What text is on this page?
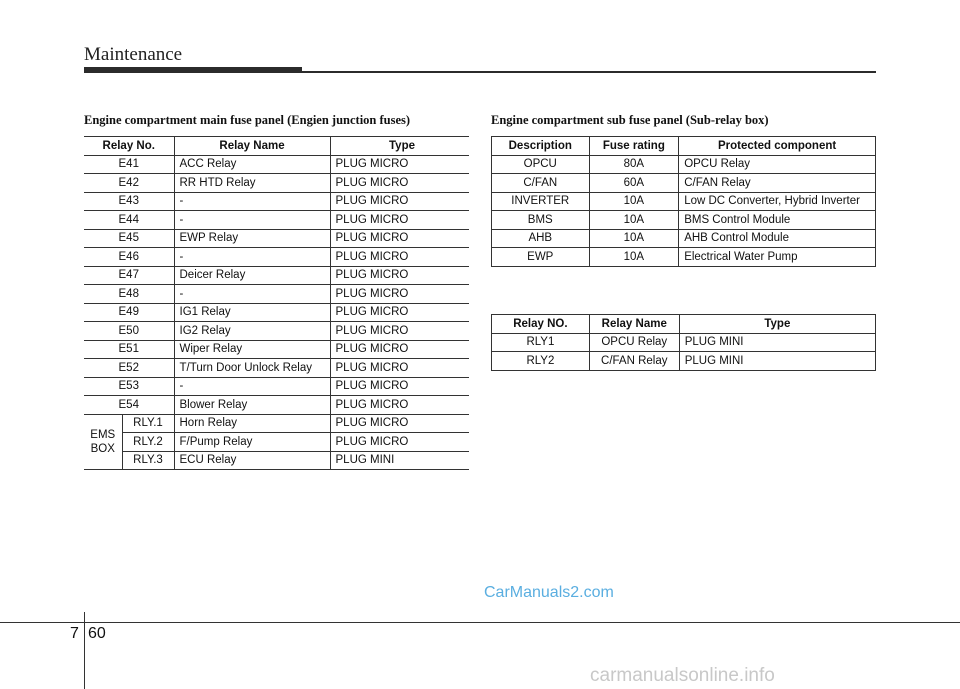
Maintenance
Engine compartment main fuse panel (Engien junction fuses)	Engine compartment sub fuse panel (Sub-relay box)
Relay No.		Relay Name	Type
E41		ACC Relay	PLUG MICRO
E42		RR HTD Relay	PLUG MICRO
E43		-	PLUG MICRO
E44		-	PLUG MICRO
E45		EWP Relay	PLUG MICRO
E46		-	PLUG MICRO
E47		Deicer Relay	PLUG MICRO
E48		-	PLUG MICRO
E49		IG1 Relay	PLUG MICRO
E50		IG2 Relay	PLUG MICRO
E51		Wiper Relay	PLUG MICRO
E52		T/Turn Door Unlock Relay	PLUG MICRO
E53		-	PLUG MICRO
E54		Blower Relay	PLUG MICRO

EMS
BOX	RLY.1	Horn Relay	PLUG MICRO
	RLY.2	F/Pump Relay	PLUG MICRO
	RLY.3	ECU Relay	PLUG MINI
Description	Fuse rating	Protected component
OPCU	80A	OPCU Relay
C/FAN	60A	C/FAN Relay
INVERTER	10A	Low DC Converter, Hybrid Inverter
BMS	10A	BMS Control Module
AHB	10A	AHB Control Module
EWP	10A	Electrical Water Pump
Relay NO.	Relay Name	Type
RLY1	OPCU Relay	PLUG MINI
RLY2	C/FAN Relay	PLUG MINI
CarManuals2.com
7 60
carmanualsonline.info
